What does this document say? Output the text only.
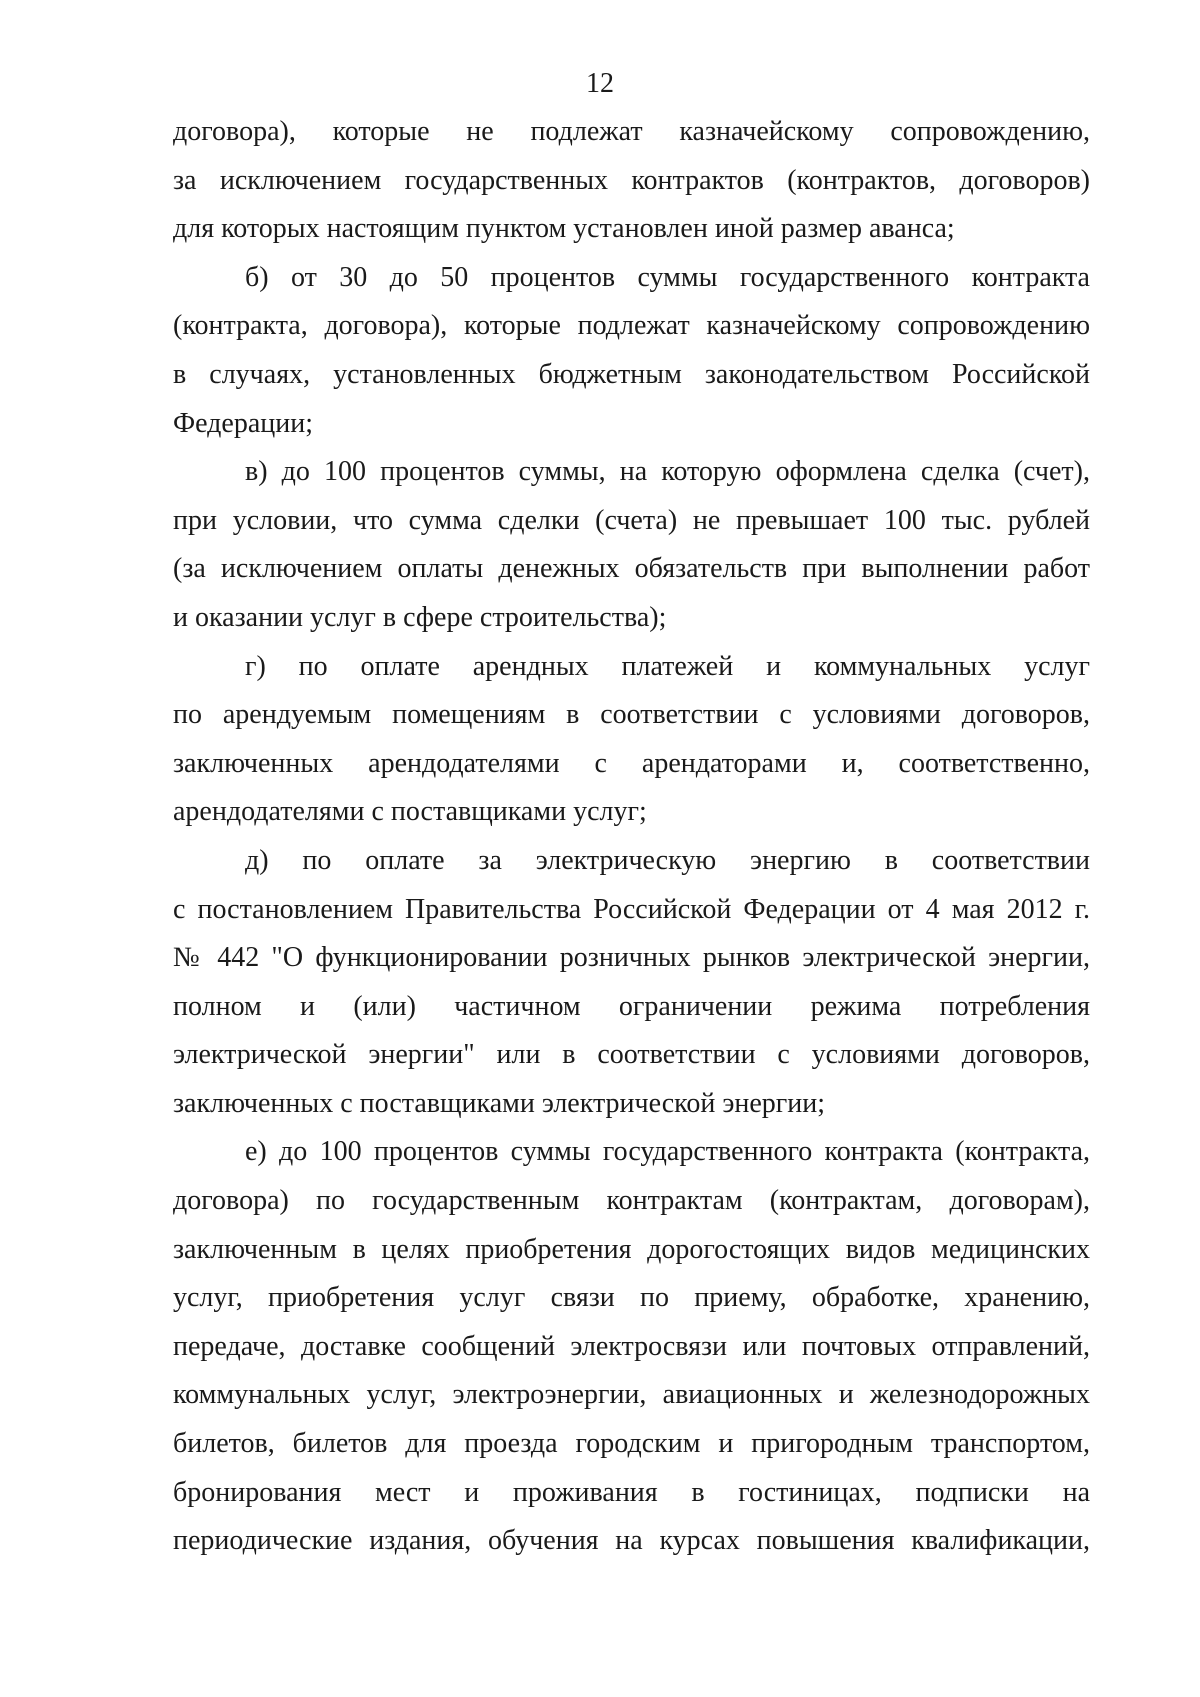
12
договора), которые не подлежат казначейскому сопровождению,
за исключением государственных контрактов (контрактов, договоров)
для которых настоящим пунктом установлен иной размер аванса;
б) от 30 до 50 процентов суммы государственного контракта
(контракта, договора), которые подлежат казначейскому сопровождению
в случаях, установленных бюджетным законодательством Российской
Федерации;
в) до 100 процентов суммы, на которую оформлена сделка (счет),
при условии, что сумма сделки (счета) не превышает 100 тыс. рублей
(за исключением оплаты денежных обязательств при выполнении работ
и оказании услуг в сфере строительства);
г) по оплате арендных платежей и коммунальных услуг
по арендуемым помещениям в соответствии с условиями договоров,
заключенных арендодателями с арендаторами и, соответственно,
арендодателями с поставщиками услуг;
д) по оплате за электрическую энергию в соответствии
с постановлением Правительства Российской Федерации от 4 мая 2012 г.
№ 442 "О функционировании розничных рынков электрической энергии,
полном и (или) частичном ограничении режима потребления
электрической энергии" или в соответствии с условиями договоров,
заключенных с поставщиками электрической энергии;
е) до 100 процентов суммы государственного контракта (контракта,
договора) по государственным контрактам (контрактам, договорам),
заключенным в целях приобретения дорогостоящих видов медицинских
услуг, приобретения услуг связи по приему, обработке, хранению,
передаче, доставке сообщений электросвязи или почтовых отправлений,
коммунальных услуг, электроэнергии, авиационных и железнодорожных
билетов, билетов для проезда городским и пригородным транспортом,
бронирования мест и проживания в гостиницах, подписки на
периодические издания, обучения на курсах повышения квалификации,
